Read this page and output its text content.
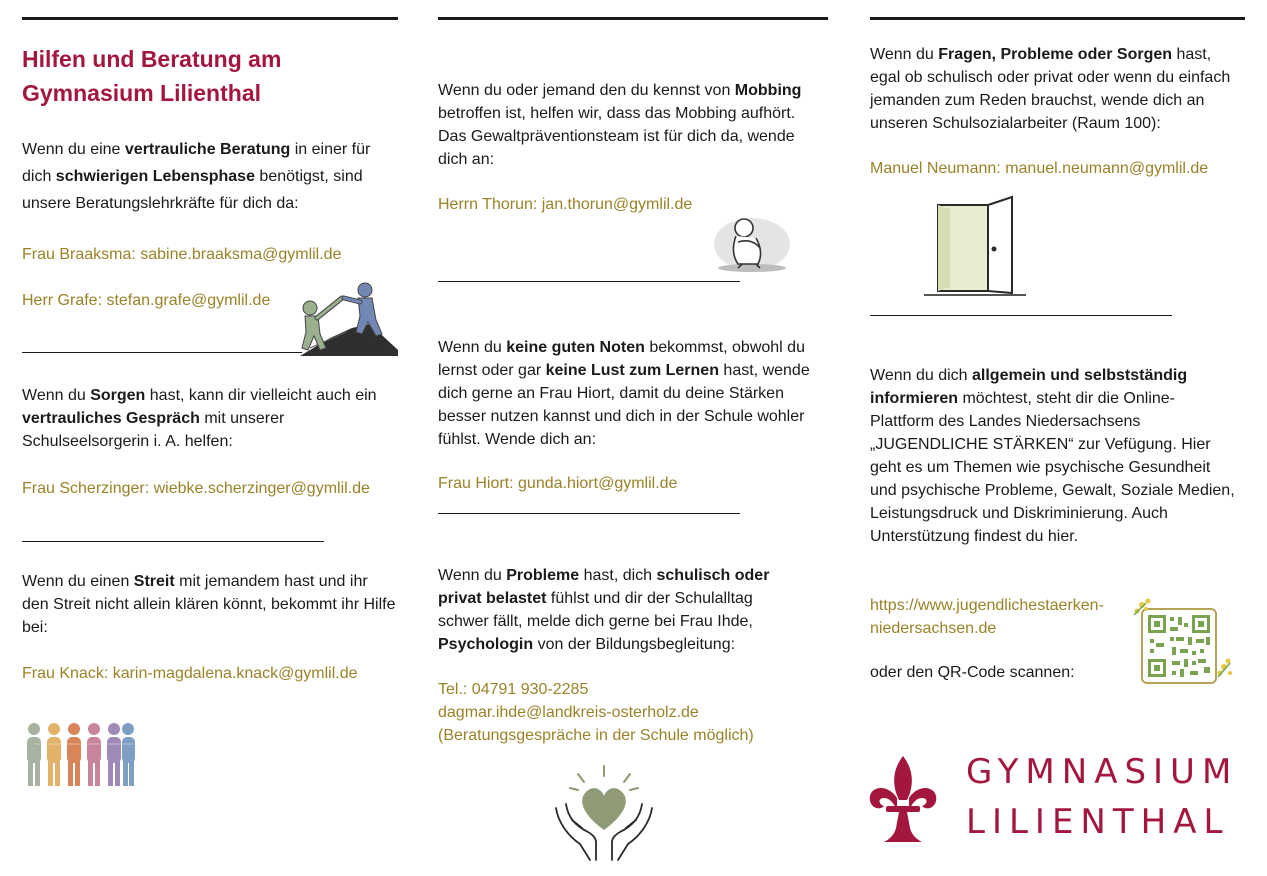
Hilfen und Beratung am
Gymnasium Lilienthal
Wenn du eine vertrauliche Beratung in einer für dich schwierigen Lebensphase benötigst, sind unsere Beratungslehrkräfte für dich da:
Frau Braaksma: sabine.braaksma@gymlil.de
Herr Grafe: stefan.grafe@gymlil.de
Wenn du Sorgen hast, kann dir vielleicht auch ein vertrauliches Gespräch mit unserer Schulseelsorgerin i. A. helfen:
Frau Scherzinger: wiebke.scherzinger@gymlil.de
Wenn du einen Streit mit jemandem hast und ihr den Streit nicht allein klären könnt, bekommt ihr Hilfe bei:
Frau Knack: karin-magdalena.knack@gymlil.de
Wenn du oder jemand den du kennst von Mobbing betroffen ist, helfen wir, dass das Mobbing aufhört. Das Gewaltpräventionsteam ist für dich da, wende dich an:
Herrn Thorun: jan.thorun@gymlil.de
Wenn du keine guten Noten bekommst, obwohl du lernst oder gar keine Lust zum Lernen hast, wende dich gerne an Frau Hiort, damit du deine Stärken besser nutzen kannst und dich in der Schule wohler fühlst. Wende dich an:
Frau Hiort: gunda.hiort@gymlil.de
Wenn du Probleme hast, dich schulisch oder privat belastet fühlst und dir der Schulalltag schwer fällt, melde dich gerne bei Frau Ihde, Psychologin von der Bildungsbegleitung:
Tel.: 04791 930-2285
dagmar.ihde@landkreis-osterholz.de
(Beratungsgespräche in der Schule möglich)
Wenn du Fragen, Probleme oder Sorgen hast, egal ob schulisch oder privat oder wenn du einfach jemanden zum Reden brauchst, wende dich an unseren Schulsozialarbeiter (Raum 100):
Manuel Neumann: manuel.neumann@gymlil.de
Wenn du dich allgemein und selbstständig informieren möchtest, steht dir die Online-Plattform des Landes Niedersachsens „JUGENDLICHE STÄRKEN“ zur Vefügung. Hier geht es um Themen wie psychische Gesundheit und psychische Probleme, Gewalt, Soziale Medien, Leistungsdruck und Diskriminierung. Auch Unterstützung findest du hier.
https://www.jugendlichestaerken-
niedersachsen.de
oder den QR-Code scannen:
GYMNASIUM
LILIENTHAL
